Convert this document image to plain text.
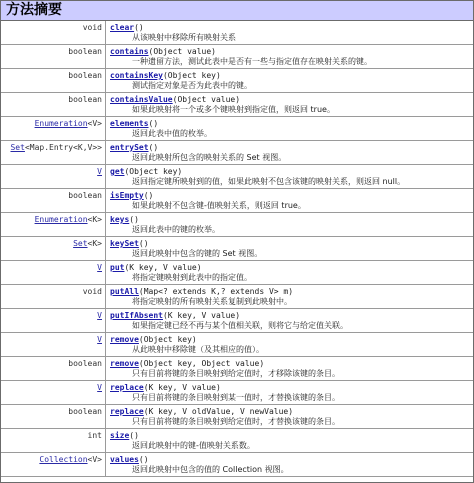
方法摘要
void	clear()
从该映射中移除所有映射关系
boolean	contains(Object value)
一种遗留方法，测试此表中是否有一些与指定值存在映射关系的键。
boolean	containsKey(Object key)
测试指定对象是否为此表中的键。
boolean	containsValue(Object value)
如果此映射将一个或多个键映射到指定值，则返回 true。
Enumeration<V>	elements()
返回此表中值的枚举。
Set<Map.Entry<K,V>>	entrySet()
返回此映射所包含的映射关系的 Set 视图。
V	get(Object key)
返回指定键所映射到的值，如果此映射不包含该键的映射关系，则返回 null。
boolean	isEmpty()
如果此映射不包含键-值映射关系，则返回 true。
Enumeration<K>	keys()
返回此表中的键的枚举。
Set<K>	keySet()
返回此映射中包含的键的 Set 视图。
V	put(K key, V value)
将指定键映射到此表中的指定值。
void	putAll(Map<? extends K,? extends V> m)
将指定映射的所有映射关系复制到此映射中。
V	putIfAbsent(K key, V value)
如果指定键已经不再与某个值相关联，则将它与给定值关联。
V	remove(Object key)
从此映射中移除键（及其相应的值）。
boolean	remove(Object key, Object value)
只有目前将键的条目映射到给定值时，才移除该键的条目。
V	replace(K key, V value)
只有目前将键的条目映射到某一值时，才替换该键的条目。
boolean	replace(K key, V oldValue, V newValue)
只有目前将键的条目映射到给定值时，才替换该键的条目。
int	size()
返回此映射中的键-值映射关系数。
Collection<V>	values()
返回此映射中包含的值的 Collection 视图。
